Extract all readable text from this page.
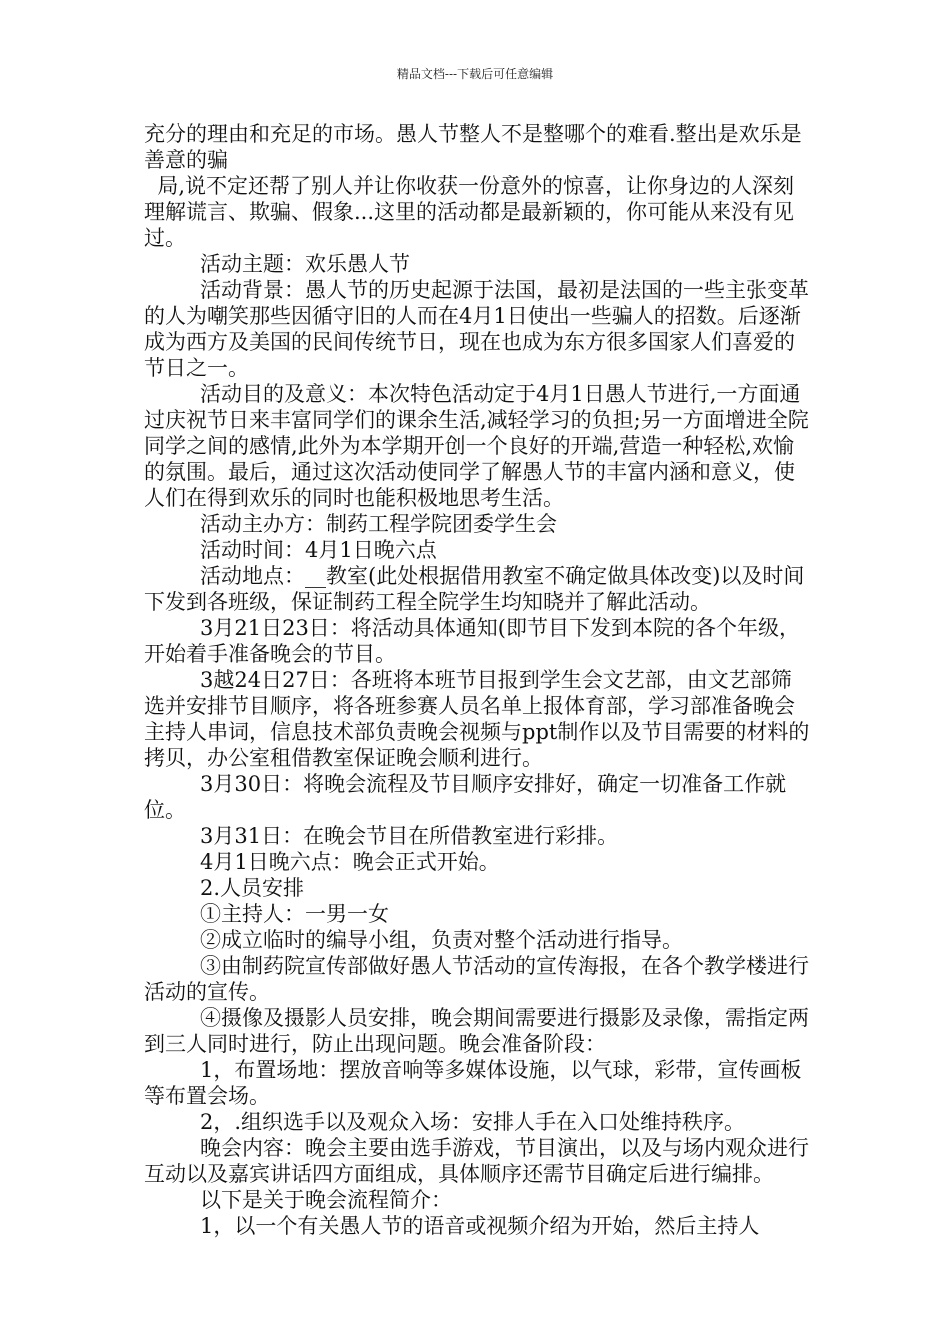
精品文档---下载后可任意编辑

充分的理由和充足的市场。愚人节整人不是整哪个的难看.整出是欢乐是善意的骗

局,说不定还帮了别人并让你收获一份意外的惊喜，让你身边的人深刻理解谎言、欺骗、假象...这里的活动都是最新颖的，你可能从来没有见过。

活动主题：欢乐愚人节

活动背景：愚人节的历史起源于法国，最初是法国的一些主张变革的人为嘲笑那些因循守旧的人而在4月1日使出一些骗人的招数。后逐渐成为西方及美国的民间传统节日，现在也成为东方很多国家人们喜爱的节日之一。

活动目的及意义：本次特色活动定于4月1日愚人节进行,一方面通过庆祝节日来丰富同学们的课余生活,减轻学习的负担;另一方面增进全院同学之间的感情,此外为本学期开创一个良好的开端,营造一种轻松,欢愉的氛围。最后，通过这次活动使同学了解愚人节的丰富内涵和意义，使人们在得到欢乐的同时也能积极地思考生活。

活动主办方：制药工程学院团委学生会

活动时间：4月1日晚六点

活动地点：__教室(此处根据借用教室不确定做具体改变)以及时间下发到各班级，保证制药工程全院学生均知晓并了解此活动。

3月21日23日：将活动具体通知(即节目下发到本院的各个年级，开始着手准备晚会的节目。

3越24日27日：各班将本班节目报到学生会文艺部，由文艺部筛选并安排节目顺序，将各班参赛人员名单上报体育部，学习部准备晚会主持人串词，信息技术部负责晚会视频与ppt制作以及节目需要的材料的拷贝，办公室租借教室保证晚会顺利进行。

3月30日：将晚会流程及节目顺序安排好，确定一切准备工作就位。

3月31日：在晚会节目在所借教室进行彩排。

4月1日晚六点：晚会正式开始。

2.人员安排

①主持人：一男一女

②成立临时的编导小组，负责对整个活动进行指导。

③由制药院宣传部做好愚人节活动的宣传海报，在各个教学楼进行活动的宣传。

④摄像及摄影人员安排，晚会期间需要进行摄影及录像，需指定两到三人同时进行，防止出现问题。晚会准备阶段：

1，布置场地：摆放音响等多媒体设施，以气球，彩带，宣传画板等布置会场。

2，.组织选手以及观众入场：安排人手在入口处维持秩序。

晚会内容：晚会主要由选手游戏，节目演出，以及与场内观众进行互动以及嘉宾讲话四方面组成，具体顺序还需节目确定后进行编排。

以下是关于晚会流程简介：

1，以一个有关愚人节的语音或视频介绍为开始，然后主持人
